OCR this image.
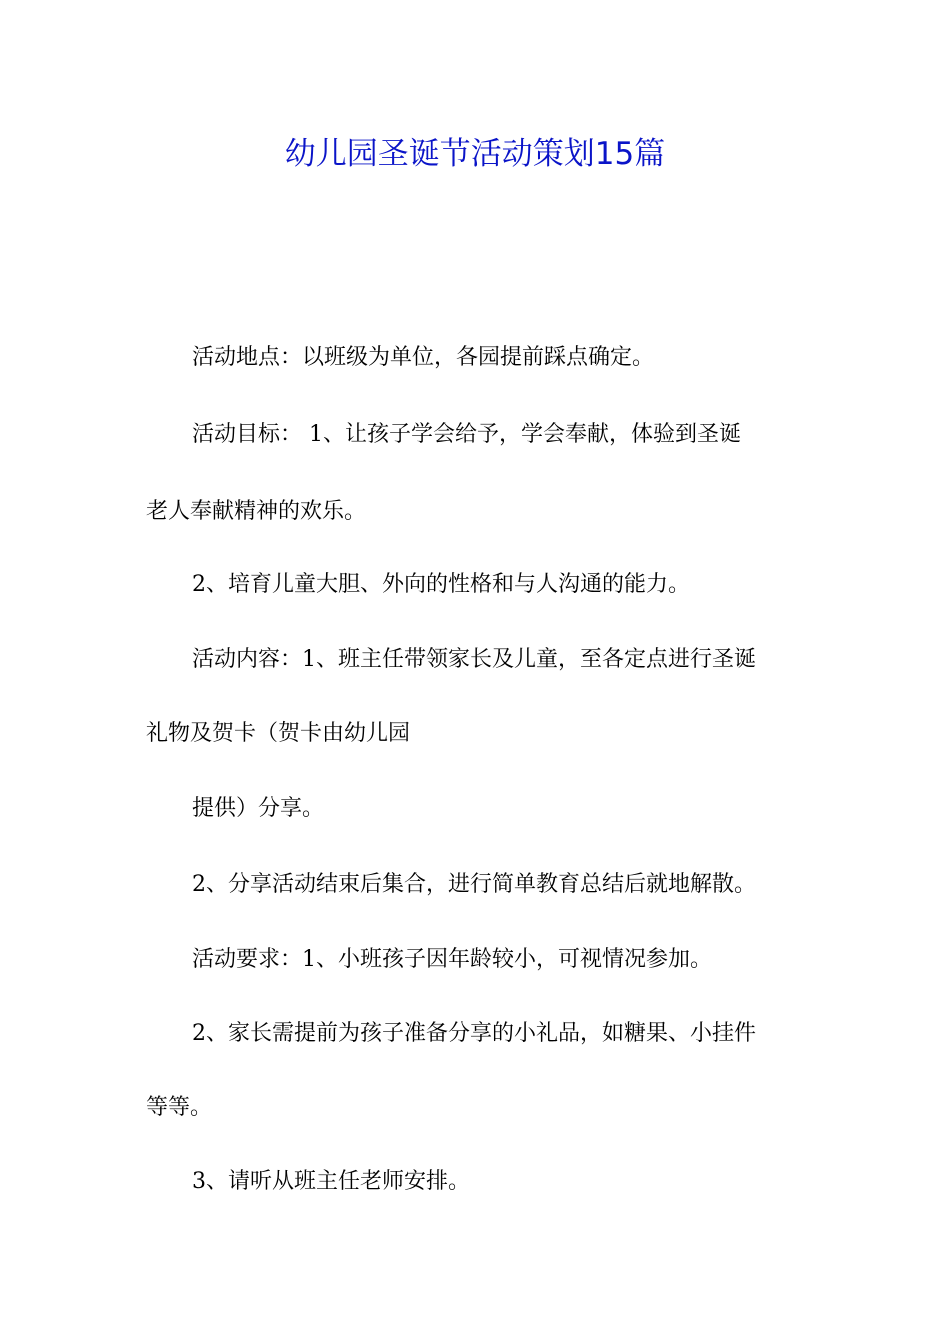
幼儿园圣诞节活动策划15篇

活动地点：以班级为单位，各园提前踩点确定。

活动目标： 1、让孩子学会给予，学会奉献，体验到圣诞

老人奉献精神的欢乐。

2、培育儿童大胆、外向的性格和与人沟通的能力。

活动内容：1、班主任带领家长及儿童，至各定点进行圣诞

礼物及贺卡（贺卡由幼儿园

提供）分享。

2、分享活动结束后集合，进行简单教育总结后就地解散。

活动要求：1、小班孩子因年龄较小，可视情况参加。

2、家长需提前为孩子准备分享的小礼品，如糖果、小挂件

等等。

3、请听从班主任老师安排。
